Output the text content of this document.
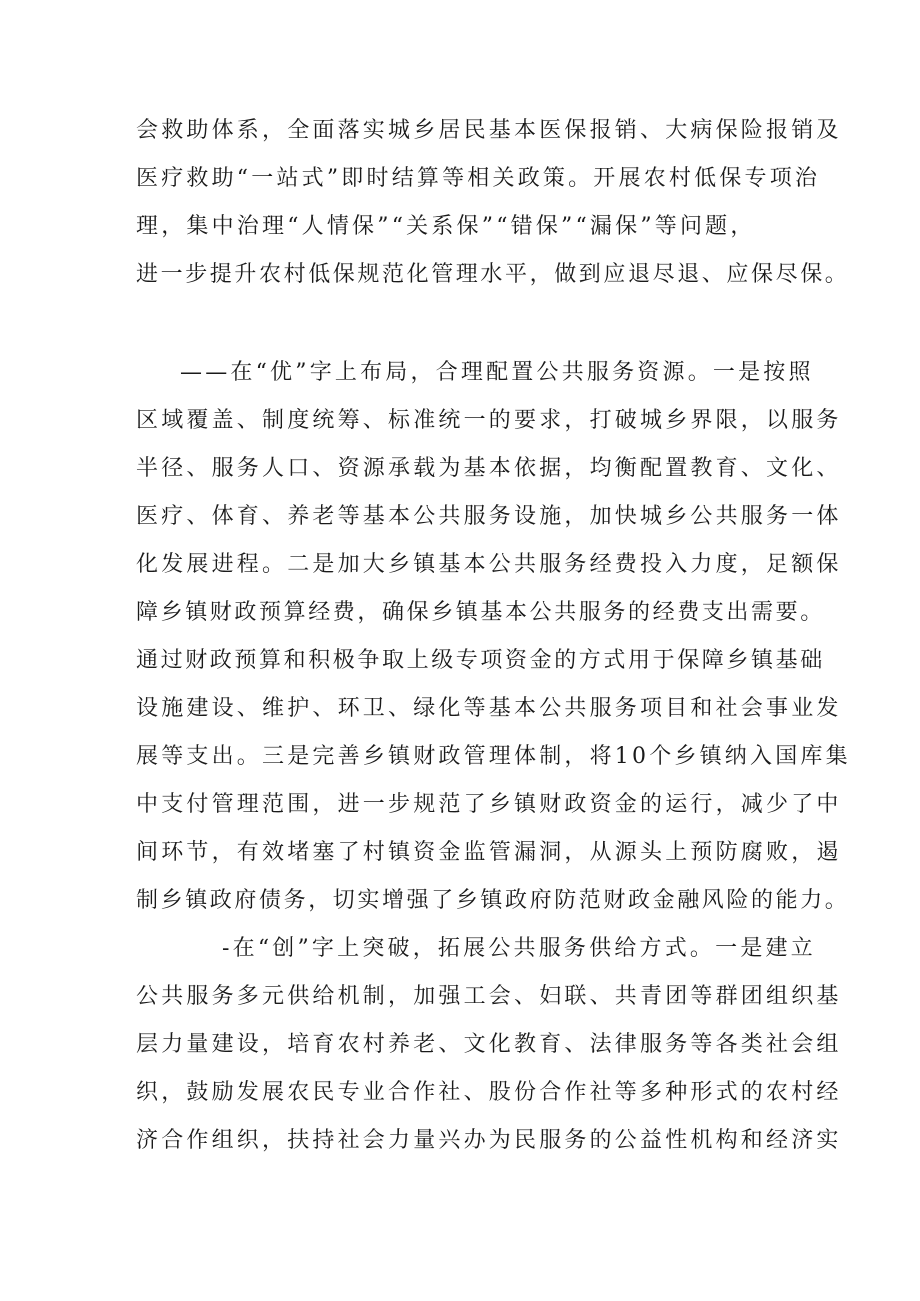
会救助体系，全面落实城乡居民基本医保报销、大病保险报销及
医疗救助“一站式”即时结算等相关政策。开展农村低保专项治
理，集中治理“人情保”“关系保”“错保”“漏保”等问题，
进一步提升农村低保规范化管理水平，做到应退尽退、应保尽保。
——在“优”字上布局，合理配置公共服务资源。一是按照
区域覆盖、制度统筹、标准统一的要求，打破城乡界限，以服务
半径、服务人口、资源承载为基本依据，均衡配置教育、文化、
医疗、体育、养老等基本公共服务设施，加快城乡公共服务一体
化发展进程。二是加大乡镇基本公共服务经费投入力度，足额保
障乡镇财政预算经费，确保乡镇基本公共服务的经费支出需要。
通过财政预算和积极争取上级专项资金的方式用于保障乡镇基础
设施建设、维护、环卫、绿化等基本公共服务项目和社会事业发
展等支出。三是完善乡镇财政管理体制，将10个乡镇纳入国库集
中支付管理范围，进一步规范了乡镇财政资金的运行，减少了中
间环节，有效堵塞了村镇资金监管漏洞，从源头上预防腐败，遏
制乡镇政府债务，切实增强了乡镇政府防范财政金融风险的能力。
-在“创”字上突破，拓展公共服务供给方式。一是建立
公共服务多元供给机制，加强工会、妇联、共青团等群团组织基
层力量建设，培育农村养老、文化教育、法律服务等各类社会组
织，鼓励发展农民专业合作社、股份合作社等多种形式的农村经
济合作组织，扶持社会力量兴办为民服务的公益性机构和经济实
